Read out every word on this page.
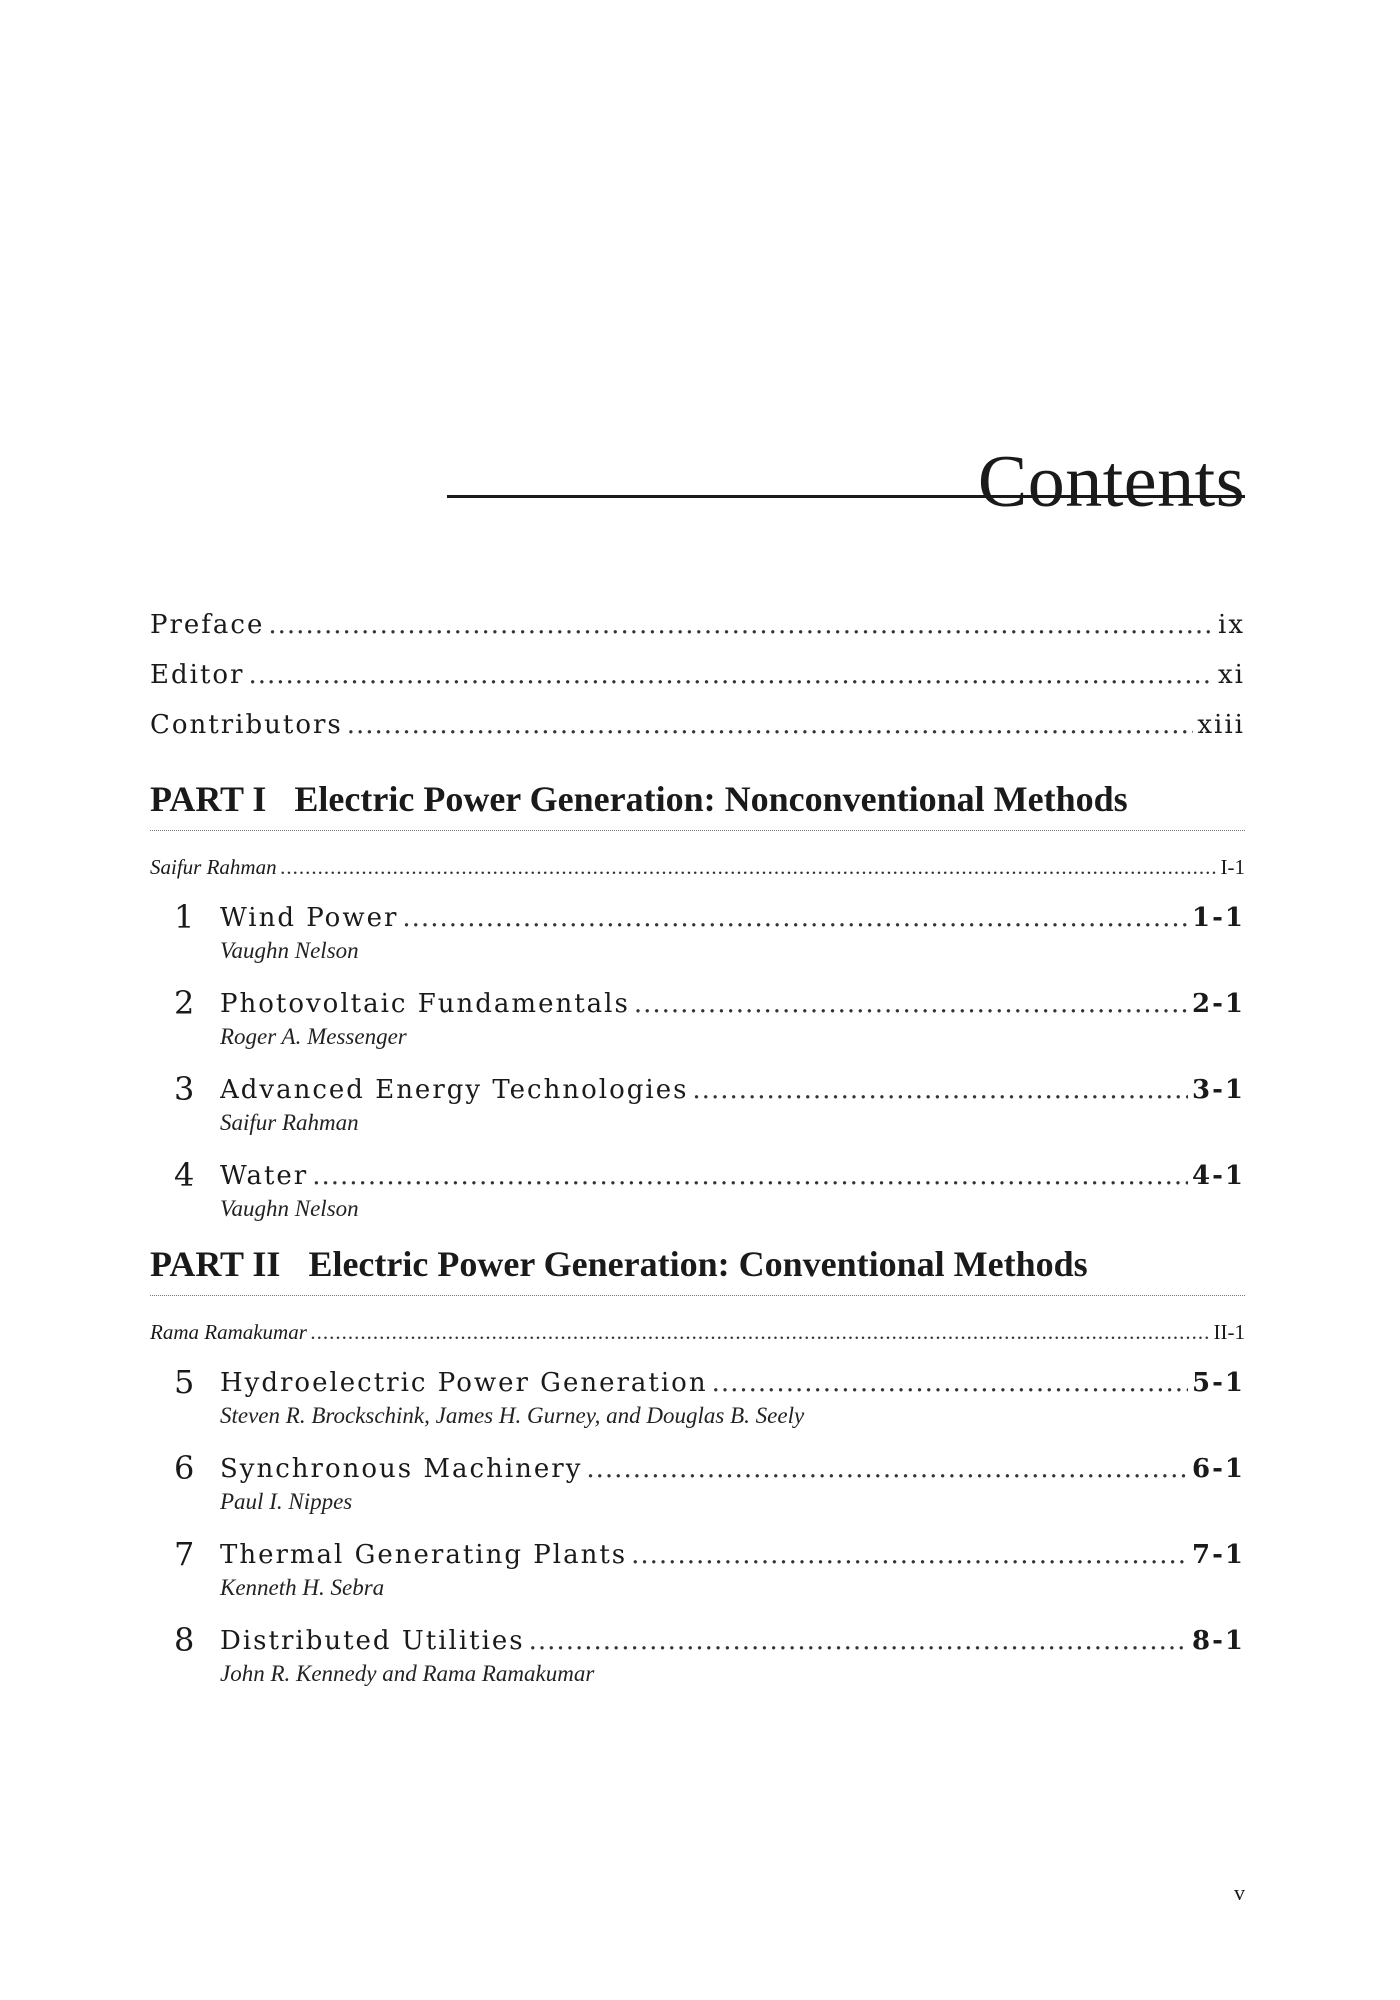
Contents
Preface .....	ix
Editor .....	xi
Contributors .....	xiii
PART I Electric Power Generation: Nonconventional Methods
Saifur Rahman .....	I-1
1 Wind Power .....	1-1
Vaughn Nelson
2 Photovoltaic Fundamentals .....	2-1
Roger A. Messenger
3 Advanced Energy Technologies .....	3-1
Saifur Rahman
4 Water .....	4-1
Vaughn Nelson
PART II Electric Power Generation: Conventional Methods
Rama Ramakumar .....	II-1
5 Hydroelectric Power Generation .....	5-1
Steven R. Brockschink, James H. Gurney, and Douglas B. Seely
6 Synchronous Machinery .....	6-1
Paul I. Nippes
7 Thermal Generating Plants .....	7-1
Kenneth H. Sebra
8 Distributed Utilities .....	8-1
John R. Kennedy and Rama Ramakumar
v
